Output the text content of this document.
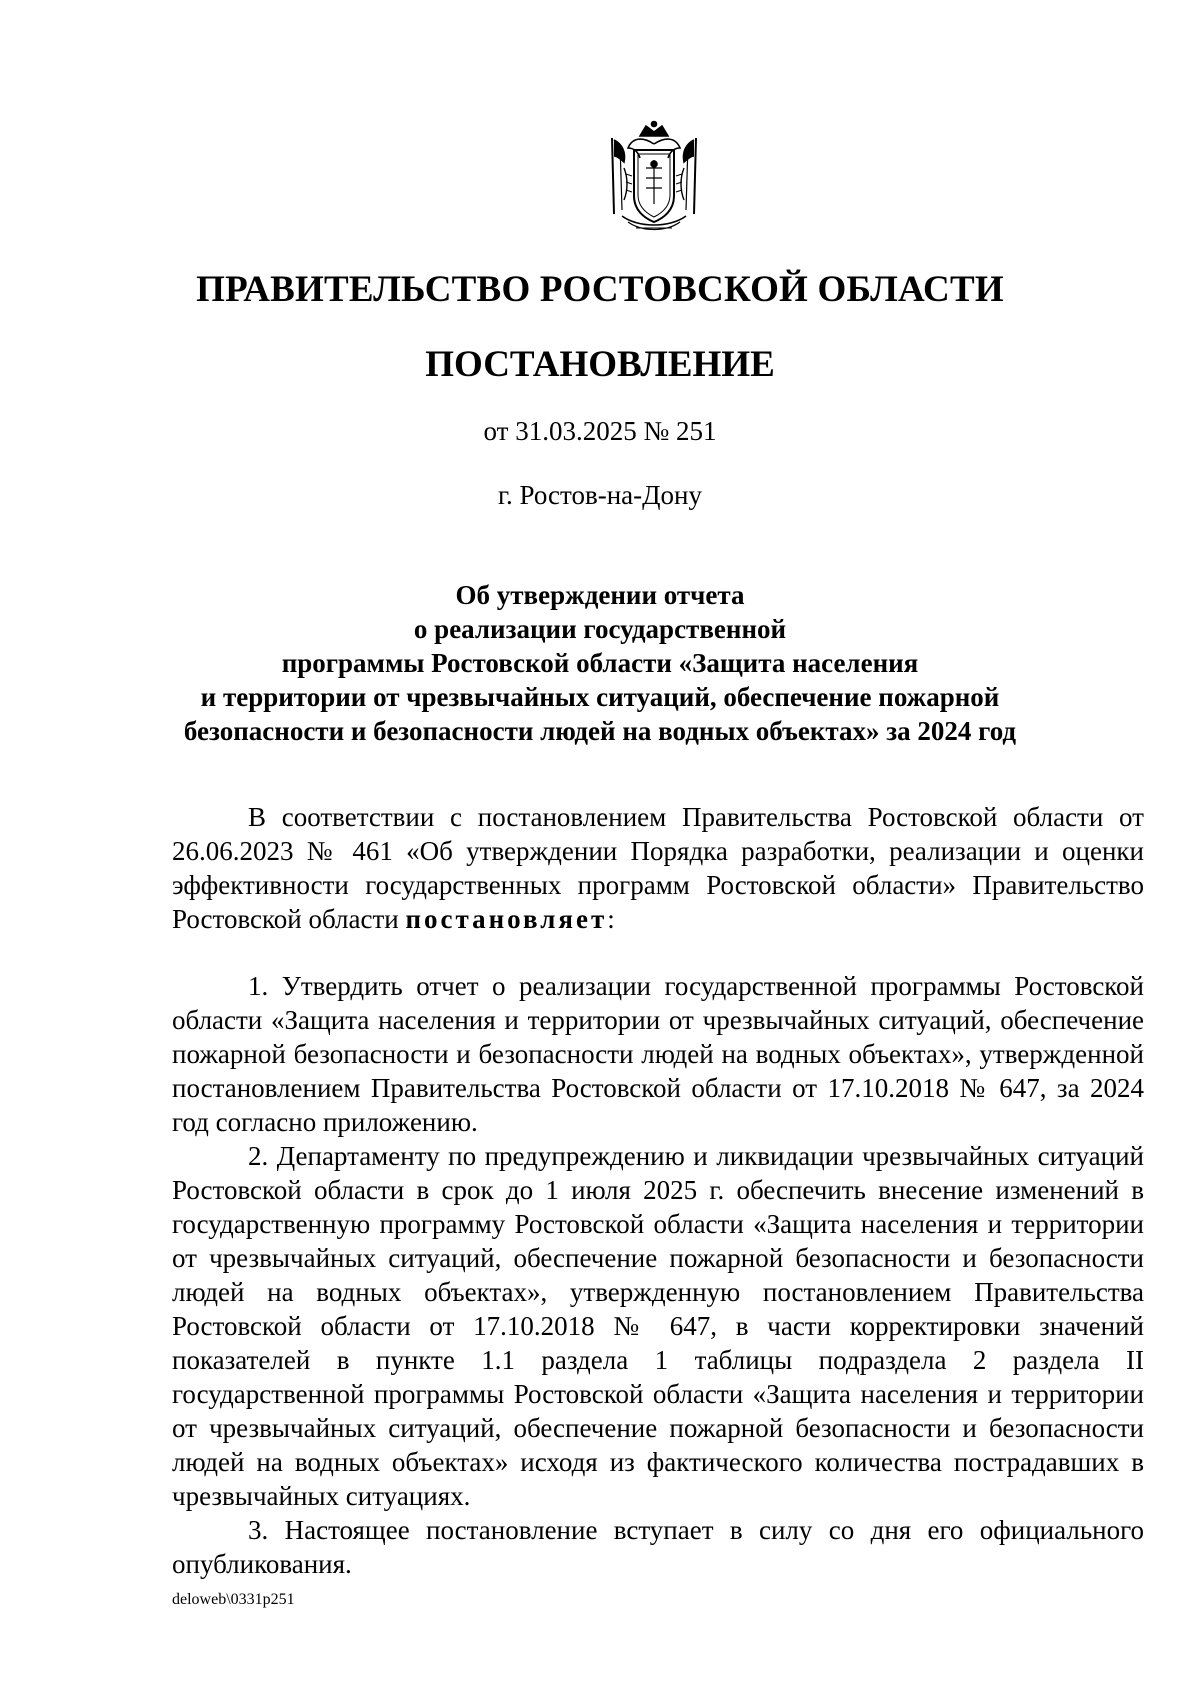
ПРАВИТЕЛЬСТВО РОСТОВСКОЙ ОБЛАСТИ
ПОСТАНОВЛЕНИЕ
от 31.03.2025 № 251
г. Ростов-на-Дону
Об утверждении отчета
о реализации государственной
программы Ростовской области «Защита населения
и территории от чрезвычайных ситуаций, обеспечение пожарной
безопасности и безопасности людей на водных объектах» за 2024 год

В соответствии с постановлением Правительства Ростовской области от 26.06.2023 № 461 «Об утверждении Порядка разработки, реализации и оценки эффективности государственных программ Ростовской области» Правительство Ростовской области постановляет:

1. Утвердить отчет о реализации государственной программы Ростовской области «Защита населения и территории от чрезвычайных ситуаций, обеспечение пожарной безопасности и безопасности людей на водных объектах», утвержденной постановлением Правительства Ростовской области от 17.10.2018 № 647, за 2024 год согласно приложению.

2. Департаменту по предупреждению и ликвидации чрезвычайных ситуаций Ростовской области в срок до 1 июля 2025 г. обеспечить внесение изменений в государственную программу Ростовской области «Защита населения и территории от чрезвычайных ситуаций, обеспечение пожарной безопасности и безопасности людей на водных объектах», утвержденную постановлением Правительства Ростовской области от 17.10.2018 № 647, в части корректировки значений показателей в пункте 1.1 раздела 1 таблицы подраздела 2 раздела II государственной программы Ростовской области «Защита населения и территории от чрезвычайных ситуаций, обеспечение пожарной безопасности и безопасности людей на водных объектах» исходя из фактического количества пострадавших в чрезвычайных ситуациях.

3. Настоящее постановление вступает в силу со дня его официального опубликования.

deloweb\0331p251
